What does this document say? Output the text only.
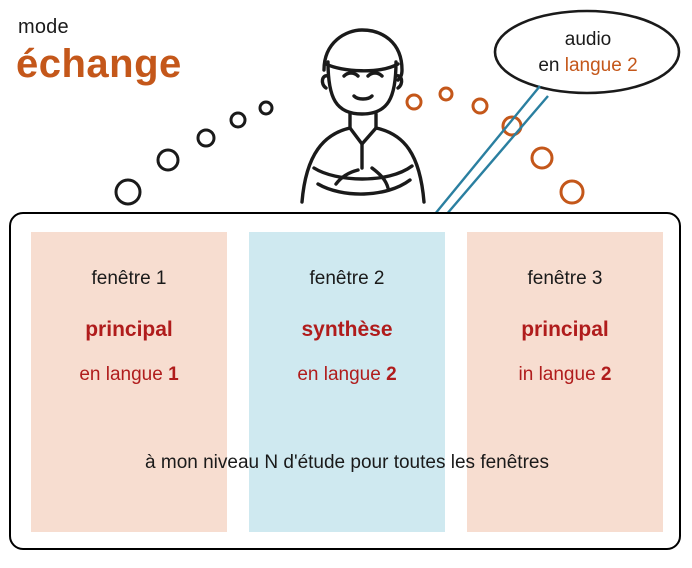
mode
échange
audio
en langue 2
fenêtre 1
principal
en langue 1
fenêtre 2
synthèse
en langue 2
fenêtre 3
principal
in langue 2
à mon niveau N d'étude pour toutes les fenêtres
